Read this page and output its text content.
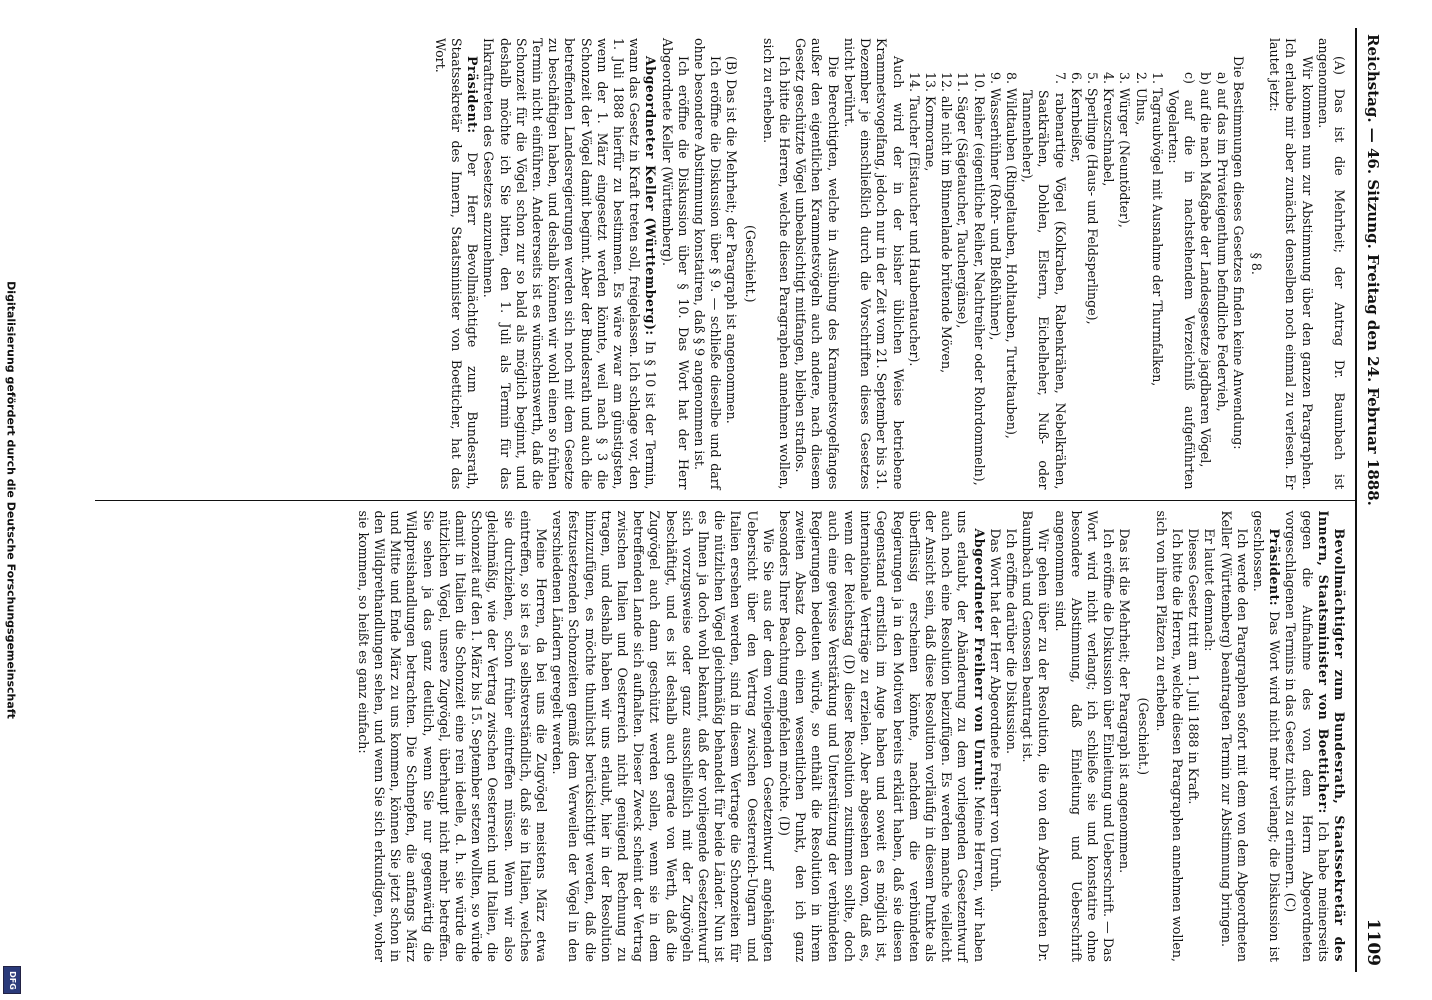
Digitalisierung gefördert durch die Deutsche Forschungsgemeinschaft
DFG
Reichstag. — 46. Sitzung. Freitag den 24. Februar 1888.
1109

(A) Das ist die Mehrheit; der Antrag Dr. Baumbach ist angenommen.

Wir kommen nun zur Abstimmung über den ganzen Paragraphen. Ich erlaube mir aber zunächst denselben noch einmal zu verlesen. Er lautet jetzt:

§ 8.

Die Bestimmungen dieses Gesetzes finden keine Anwendung:

a) auf das im Privateigenthum befindliche Federvieh,
b) auf die nach Maßgabe der Landesgesetze jagdbaren Vögel,
c) auf die in nachstehendem Verzeichniß aufgeführten Vogelarten:
1. Tagraubvögel mit Ausnahme der Thurmfalken,
2. Uhus,
3. Würger (Neuntödter),
4. Kreuzschnabel,
5. Sperlinge (Haus- und Feldsperlinge),
6. Kernbeißer,
7. rabenartige Vögel (Kolkraben, Rabenkrähen, Nebelkrähen, Saatkrähen, Dohlen, Elstern, Eichelheher, Nuß- oder Tannenheher),
8. Wildtauben (Ringeltauben, Hohltauben, Turteltauben),
9. Wasserhühner (Rohr- und Bleßhühner),
10. Reiher (eigentliche Reiher, Nachtreiher oder Rohrdommeln),
11. Säger (Sägetaucher, Tauchergänse),
12. alle nicht im Binnenlande brütende Möven,
13. Kormorane,
14. Taucher (Eistaucher und Haubentaucher).

Auch wird der in der bisher üblichen Weise betriebene Krammetsvogelfang, jedoch nur in der Zeit vom 21. September bis 31. Dezember je einschließlich durch die Vorschriften dieses Gesetzes nicht berührt.

Die Berechtigten, welche in Ausübung des Krammetsvogelfanges außer den eigentlichen Krammetsvögeln auch andere, nach diesem Gesetz geschützte Vögel unbeabsichtigt mitfangen, bleiben straflos.

Ich bitte die Herren, welche diesen Paragraphen annehmen wollen, sich zu erheben.

(Geschieht.)

(B) Das ist die Mehrheit; der Paragraph ist angenommen.

Ich eröffne die Diskussion über § 9. — schließe dieselbe und darf ohne besondere Abstimmung konstatiren, daß § 9 angenommen ist.

Ich eröffne die Diskussion über § 10. Das Wort hat der Herr Abgeordnete Keller (Württemberg).

Abgeordneter Keller (Württemberg): In § 10 ist der Termin, wann das Gesetz in Kraft treten soll, freigelassen. Ich schlage vor, den 1. Juli 1888 hierfür zu bestimmen. Es wäre zwar am günstigsten, wenn der 1. März eingesetzt werden könnte, weil nach § 3 die Schonzeit der Vögel damit beginnt. Aber der Bundesrath und auch die betreffenden Landesregierungen werden sich noch mit dem Gesetze zu beschäftigen haben, und deshalb können wir wohl einen so frühen Termin nicht einführen. Andererseits ist es wünschenswerth, daß die Schonzeit für die Vögel schon zur so bald als möglich beginnt, und deshalb möchte ich Sie bitten, den 1. Juli als Termin für das Inkrafttreten des Gesetzes anzunehmen.

Präsident: Der Herr Bevollmächtigte zum Bundesrath, Staatssekretär des Innern, Staatsminister von Boetticher, hat das Wort.

Bevollmächtigter zum Bundesrath, Staatssekretär des Innern, Staatsminister von Boetticher: Ich habe meinerseits gegen die Aufnahme des von dem Herrn Abgeordneten vorgeschlagenen Termins in das Gesetz nichts zu erinnern. (C)

Präsident: Das Wort wird nicht mehr verlangt; die Diskussion ist geschlossen.

Ich werde den Paragraphen sofort mit dem von dem Abgeordneten Keller (Württemberg) beantragten Termin zur Abstimmung bringen.

Er lautet demnach:

Dieses Gesetz tritt am 1. Juli 1888 in Kraft.

Ich bitte die Herren, welche diesen Paragraphen annehmen wollen, sich von ihren Plätzen zu erheben.

(Geschieht.)

Das ist die Mehrheit; der Paragraph ist angenommen.

Ich eröffne die Diskussion über Einleitung und Ueberschrift. — Das Wort wird nicht verlangt; ich schließe sie und konstatire ohne besondere Abstimmung, daß Einleitung und Ueberschrift angenommen sind.

Wir gehen über zu der Resolution, die von den Abgeordneten Dr. Baumbach und Genossen beantragt ist.

Ich eröffne darüber die Diskussion.

Das Wort hat der Herr Abgeordnete Freiherr von Unruh.

Abgeordneter Freiherr von Unruh: Meine Herren, wir haben uns erlaubt, der Abänderung zu dem vorliegenden Gesetzentwurf auch noch eine Resolution beizufügen. Es werden manche vielleicht der Ansicht sein, daß diese Resolution vorläufig in diesem Punkte als überflüssig erscheinen könnte, nachdem die verbündeten Regierungen ja in den Motiven bereits erklärt haben, daß sie diesen Gegenstand ernstlich im Auge haben und soweit es möglich ist, internationale Verträge zu erzielen. Aber abgesehen davon, daß es, wenn der Reichstag (D) dieser Resolution zustimmen sollte, doch auch eine gewisse Verstärkung und Unterstützung der verbündeten Regierungen bedeuten würde, so enthält die Resolution in ihrem zweiten Absatz doch einen wesentlichen Punkt, den ich ganz besonders Ihrer Beachtung empfehlen möchte. (D)

Wie Sie aus der dem vorliegenden Gesetzentwurf angehängten Uebersicht über den Vertrag zwischen Oesterreich-Ungarn und Italien ersehen werden, sind in diesem Vertrage die Schonzeiten für die nützlichen Vögel gleichmäßig behandelt für beide Länder. Nun ist es Ihnen ja doch wohl bekannt, daß der vorliegende Gesetzentwurf sich vorzugsweise oder ganz ausschließlich mit der Zugvögeln beschäftigt, und es ist deshalb auch gerade von Werth, daß die Zugvögel auch dann geschützt werden sollen, wenn sie in dem betreffenden Lande sich aufhalten. Dieser Zweck scheint der Vertrag zwischen Italien und Oesterreich nicht genügend Rechnung zu tragen, und deshalb haben wir uns erlaubt, hier in der Resolution hinzuzufügen, es möchte thunlichst berücksichtigt werden, daß die festzusetzenden Schonzeiten gemäß dem Verweilen der Vögel in den verschiedenen Ländern geregelt werden.

Meine Herren, da bei uns die Zugvögel meistens März etwa eintreffen, so ist es ja selbstverständlich, daß sie in Italien, welches sie durchziehen, schon früher eintreffen müssen. Wenn wir also gleichmäßig, wie der Vertrag zwischen Oesterreich und Italien, die Schonzeit auf den 1. März bis 15. September setzen wollten, so würde damit in Italien die Schonzeit eine rein ideelle, d. h. sie würde die nützlichen Vögel, unsere Zugvögel, überhaupt nicht mehr betreffen. Sie sehen ja das ganz deutlich, wenn Sie nur gegenwärtig die Wildpreishandlungen betrachten. Die Schnepfen, die anfangs März und Mitte und Ende März zu uns kommen, können Sie jetzt schon in den Wildprethandlungen sehen, und wenn Sie sich erkundigen, woher sie kommen, so heißt es ganz einfach:
